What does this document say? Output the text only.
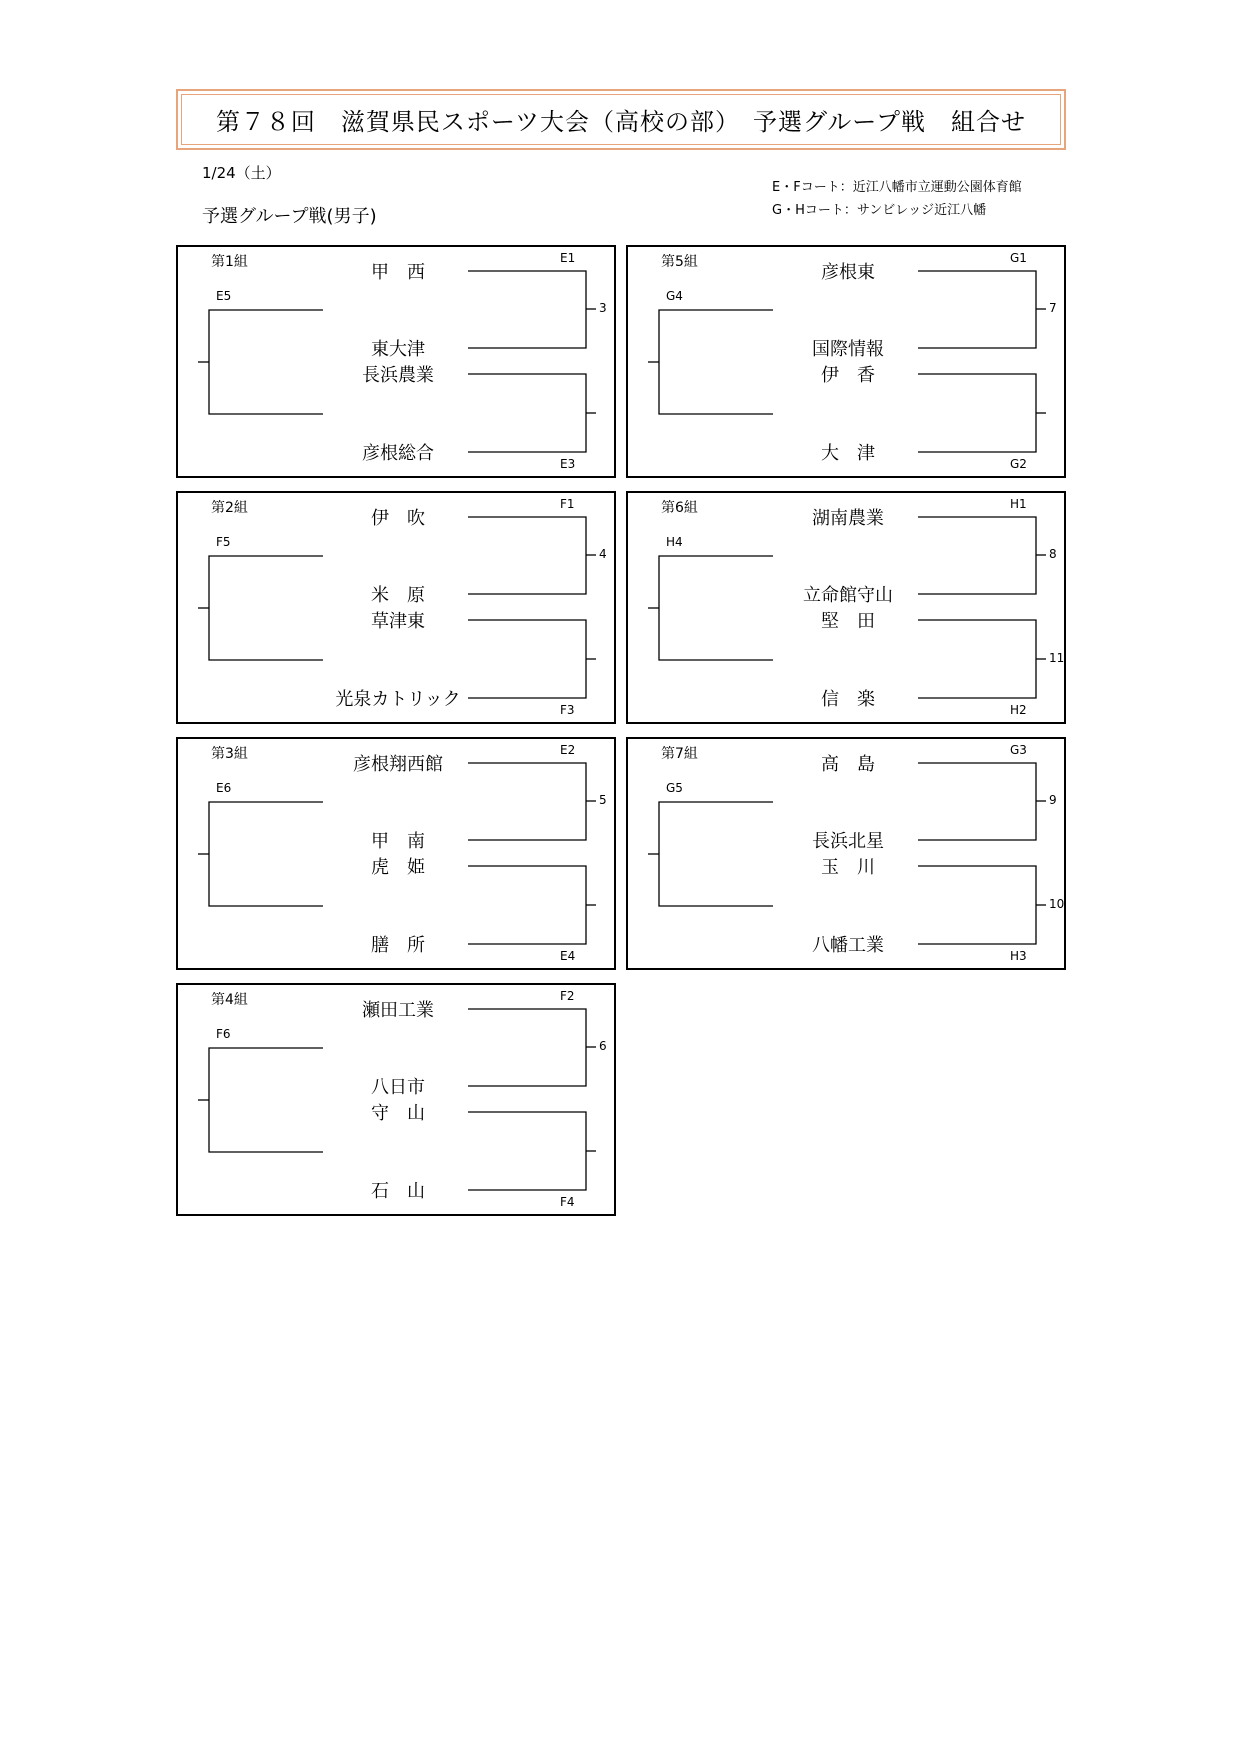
第７８回　滋賀県民スポーツ大会（高校の部）　予選グループ戦　組合せ
1/24（土）
予選グループ戦(男子)
E・Fコート：近江八幡市立運動公園体育館
G・Hコート：サンビレッジ近江八幡
第1組
E5
E1
E3
甲　西
東大津
長浜農業
彦根総合
3
第5組
G4
G1
G2
彦根東
国際情報
伊　香
大　津
7
第2組
F5
F1
F3
伊　吹
米　原
草津東
光泉カトリック
4
第6組
H4
H1
H2
湖南農業
立命館守山
堅　田
信　楽
8
11
第3組
E6
E2
E4
彦根翔西館
甲　南
虎　姫
膳　所
5
第7組
G5
G3
H3
高　島
長浜北星
玉　川
八幡工業
9
10
第4組
F6
F2
F4
瀬田工業
八日市
守　山
石　山
6
